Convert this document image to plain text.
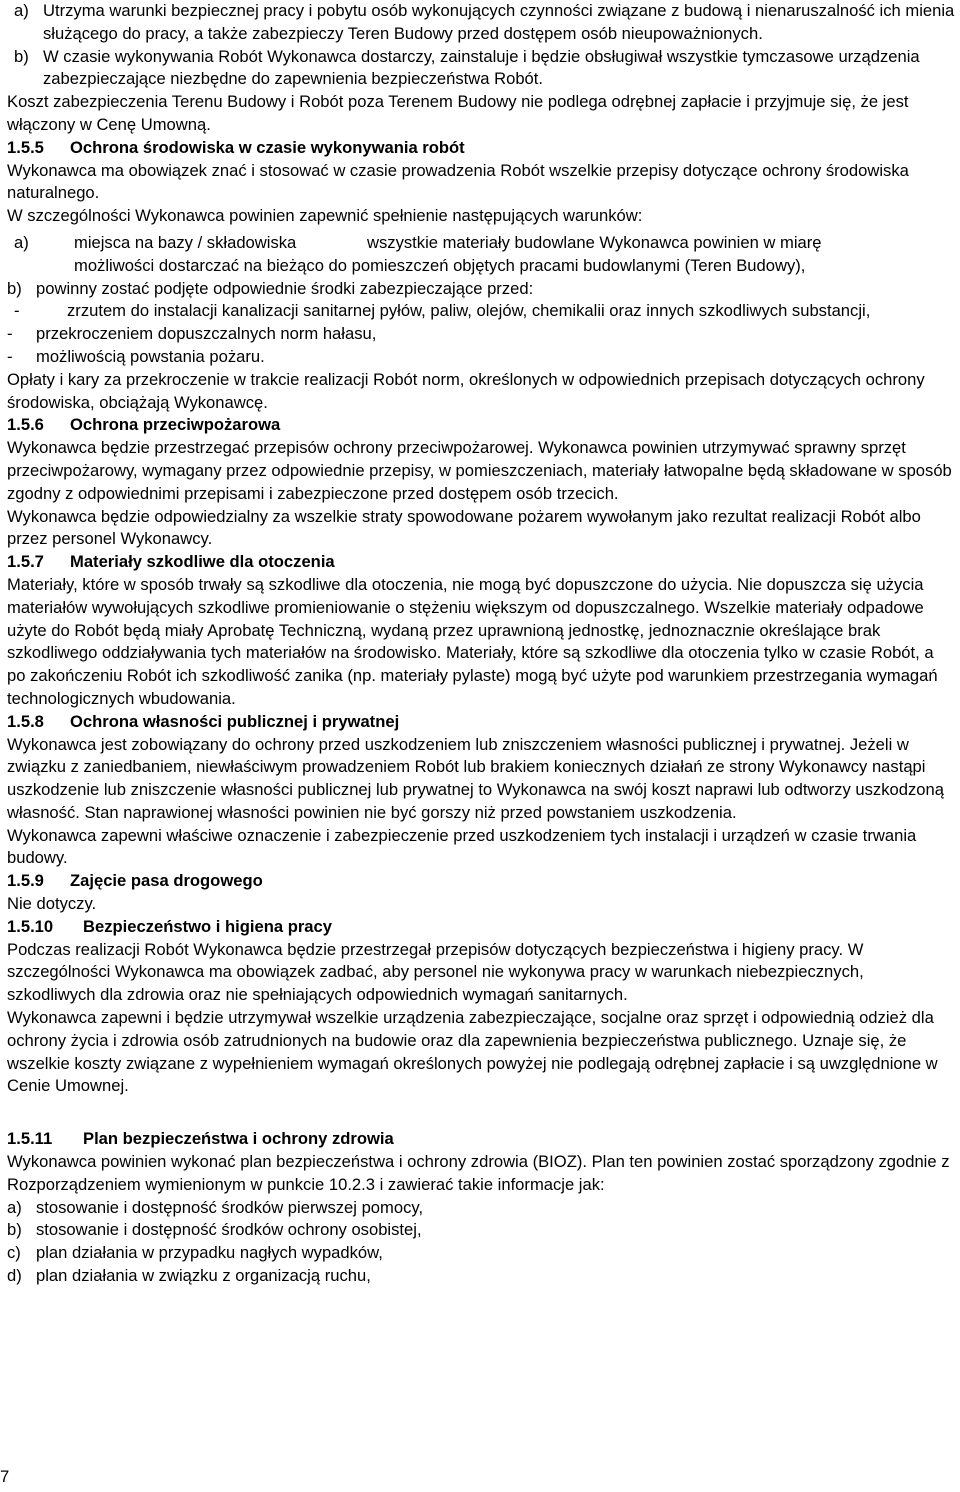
a) Utrzyma warunki bezpiecznej pracy i pobytu osób wykonujących czynności związane z budową i nienaruszalność ich mienia służącego do pracy, a także zabezpieczy Teren Budowy przed dostępem osób nieupoważnionych.
b) W czasie wykonywania Robót Wykonawca dostarczy, zainstaluje i będzie obsługiwał wszystkie tymczasowe urządzenia zabezpieczające niezbędne do zapewnienia bezpieczeństwa Robót.

Koszt zabezpieczenia Terenu Budowy i Robót poza Terenem Budowy nie podlega odrębnej zapłacie i przyjmuje się, że jest włączony w Cenę Umowną.

1.5.5	Ochrona środowiska w czasie wykonywania robót

Wykonawca ma obowiązek znać i stosować w czasie prowadzenia Robót wszelkie przepisy dotyczące ochrony środowiska naturalnego.

W szczególności Wykonawca powinien zapewnić spełnienie następujących warunków:

a)	miejsca na bazy / składowiska	wszystkie materiały budowlane Wykonawca powinien w miarę
możliwości dostarczać na bieżąco do pomieszczeń objętych pracami budowlanymi (Teren Budowy),
b) powinny zostać podjęte odpowiednie środki zabezpieczające przed:
-	zrzutem do instalacji kanalizacji sanitarnej pyłów, paliw, olejów, chemikalii oraz innych szkodliwych substancji,
-	przekroczeniem dopuszczalnych norm hałasu,
-	możliwością powstania pożaru.

Opłaty i kary za przekroczenie w trakcie realizacji Robót norm, określonych w odpowiednich przepisach dotyczących ochrony środowiska, obciążają Wykonawcę.

1.5.6	Ochrona przeciwpożarowa

Wykonawca będzie przestrzegać przepisów ochrony przeciwpożarowej. Wykonawca powinien utrzymywać sprawny sprzęt przeciwpożarowy, wymagany przez odpowiednie przepisy, w pomieszczeniach, materiały łatwopalne będą składowane w sposób zgodny z odpowiednimi przepisami i zabezpieczone przed dostępem osób trzecich.

Wykonawca będzie odpowiedzialny za wszelkie straty spowodowane pożarem wywołanym jako rezultat realizacji Robót albo przez personel Wykonawcy.

1.5.7	Materiały szkodliwe dla otoczenia

Materiały, które w sposób trwały są szkodliwe dla otoczenia, nie mogą być dopuszczone do użycia. Nie dopuszcza się użycia materiałów wywołujących szkodliwe promieniowanie o stężeniu większym od dopuszczalnego. Wszelkie materiały odpadowe użyte do Robót będą miały Aprobatę Techniczną, wydaną przez uprawnioną jednostkę, jednoznacznie określające brak szkodliwego oddziaływania tych materiałów na środowisko. Materiały, które są szkodliwe dla otoczenia tylko w czasie Robót, a po zakończeniu Robót ich szkodliwość zanika (np. materiały pylaste) mogą być użyte pod warunkiem przestrzegania wymagań technologicznych wbudowania.

1.5.8	Ochrona własności publicznej i prywatnej

Wykonawca jest zobowiązany do ochrony przed uszkodzeniem lub zniszczeniem własności publicznej i prywatnej. Jeżeli w związku z zaniedbaniem, niewłaściwym prowadzeniem Robót lub brakiem koniecznych działań ze strony Wykonawcy nastąpi uszkodzenie lub zniszczenie własności publicznej lub prywatnej to Wykonawca na swój koszt naprawi lub odtworzy uszkodzoną własność. Stan naprawionej własności powinien nie być gorszy niż przed powstaniem uszkodzenia.

Wykonawca zapewni właściwe oznaczenie i zabezpieczenie przed uszkodzeniem tych instalacji i urządzeń w czasie trwania budowy.

1.5.9	Zajęcie pasa drogowego

Nie dotyczy.

1.5.10	Bezpieczeństwo i higiena pracy

Podczas realizacji Robót Wykonawca będzie przestrzegał przepisów dotyczących bezpieczeństwa i higieny pracy. W szczególności Wykonawca ma obowiązek zadbać, aby personel nie wykonywa pracy w warunkach niebezpiecznych, szkodliwych dla zdrowia oraz nie spełniających odpowiednich wymagań sanitarnych.

Wykonawca zapewni i będzie utrzymywał wszelkie urządzenia zabezpieczające, socjalne oraz sprzęt i odpowiednią odzież dla ochrony życia i zdrowia osób zatrudnionych na budowie oraz dla zapewnienia bezpieczeństwa publicznego. Uznaje się, że wszelkie koszty związane z wypełnieniem wymagań określonych powyżej nie podlegają odrębnej zapłacie i są uwzględnione w Cenie Umownej.

1.5.11	Plan bezpieczeństwa i ochrony zdrowia

Wykonawca powinien wykonać plan bezpieczeństwa i ochrony zdrowia (BIOZ). Plan ten powinien zostać sporządzony zgodnie z Rozporządzeniem wymienionym w punkcie 10.2.3 i zawierać takie informacje jak:

a) stosowanie i dostępność środków pierwszej pomocy,
b) stosowanie i dostępność środków ochrony osobistej,
c) plan działania w przypadku nagłych wypadków,
d) plan działania w związku z organizacją ruchu,
7
